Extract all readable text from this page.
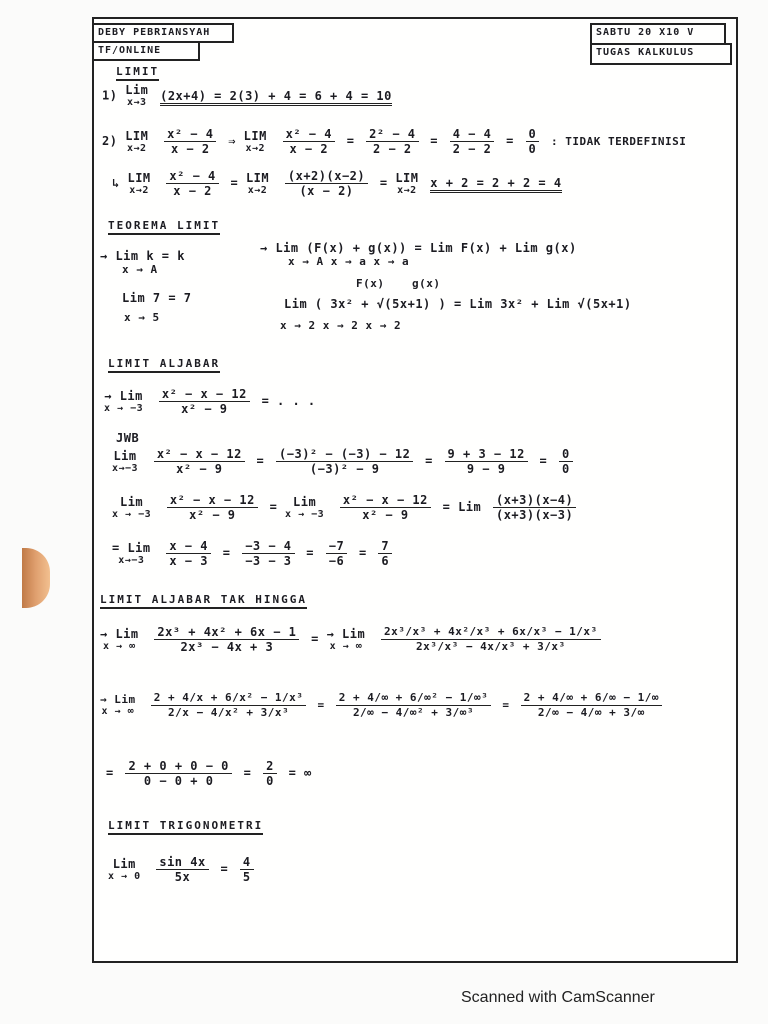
DEBY PEBRIANSYAH
TF/ONLINE
SABTU 20 X10 V
TUGAS KALKULUS
LIMIT
1) Lim
x→3 (2x+4) = 2(3) + 4 = 6 + 4 = 10
2) LIM
x→2
$\frac{\text{x² − 4}}{x - 2}$ ⇒ LIM
x→2
$\frac{\text{x² − 4}}{x - 2} = \frac{\text{2² − 4}}{2 - 2} = \frac{4 - 4}{2 - 2} = \frac{0}{0}$ : TIDAK TERDEFINISI
↳ LIM
x→2
$\frac{\text{x² − 4}}{x - 2}$ = LIM
x→2
$\frac{(x+2)(x-2)}{(x - 2)}$ = LIM
x→2 x + 2 = 2 + 2 = 4
TEOREMA LIMIT
→ Lim k = k
x → A
Lim 7 = 7
x → 5
→ Lim (F(x) + g(x)) = Lim F(x) + Lim g(x)
x → A x → a x → a
F(x)	g(x)
Lim ( 3x² + √(5x+1) ) = Lim 3x² + Lim √(5x+1)
x → 2 x → 2 x → 2
LIMIT ALJABAR
→ Lim
x → −3
$\frac{\text{x² − x − 12}}{\text{x² − 9}}$ = . . .
JWB
Lim
x→−3
$\frac{\text{x² − x − 12}}{\text{x² − 9}} = \frac{\text{(−3)² − (−3) − 12}}{\text{(−3)² − 9}} = \frac{9 + 3 - 12}{9 - 9} = \frac{0}{0}$
Lim
x → −3
$\frac{\text{x² − x − 12}}{\text{x² − 9}}$ = Lim
x → −3
$\frac{\text{x² − x − 12}}{\text{x² − 9}}$ = Lim $\frac{(x+3)(x-4)}{(x+3)(x-3)}$
= Lim
x→−3
$\frac{x - 4}{x - 3} = \frac{-3 - 4}{-3 - 3} = \frac{-7}{-6} = \frac{7}{6}$
LIMIT ALJABAR TAK HINGGA
→ Lim
x → ∞
$\frac{\text{2x³ + 4x² + 6x − 1}}{\text{2x³ − 4x + 3}}$ = → Lim
x → ∞
$\frac{\text{2x³/x³ + 4x²/x³ + 6x/x³ − 1/x³}}{\text{2x³/x³ − 4x/x³ + 3/x³}}$
→ Lim
x → ∞
$\frac{\text{2 + 4/x + 6/x² − 1/x³}}{\text{2/x − 4/x² + 3/x³}} = \frac{\text{2 + 4/∞ + 6/∞² − 1/∞³}}{\text{2/∞ − 4/∞² + 3/∞³}} = \frac{2 + 4/\infty + 6/\infty - 1/\infty}{2/\infty - 4/\infty + 3/\infty}$
= $\frac{2 + 0 + 0 - 0}{0 - 0 + 0} = \frac{2}{0}$ = ∞
LIMIT TRIGONOMETRI
Lim
x → 0
$\frac{\sin 4x}{5x} = \frac{4}{5}$
Scanned with CamScanner
